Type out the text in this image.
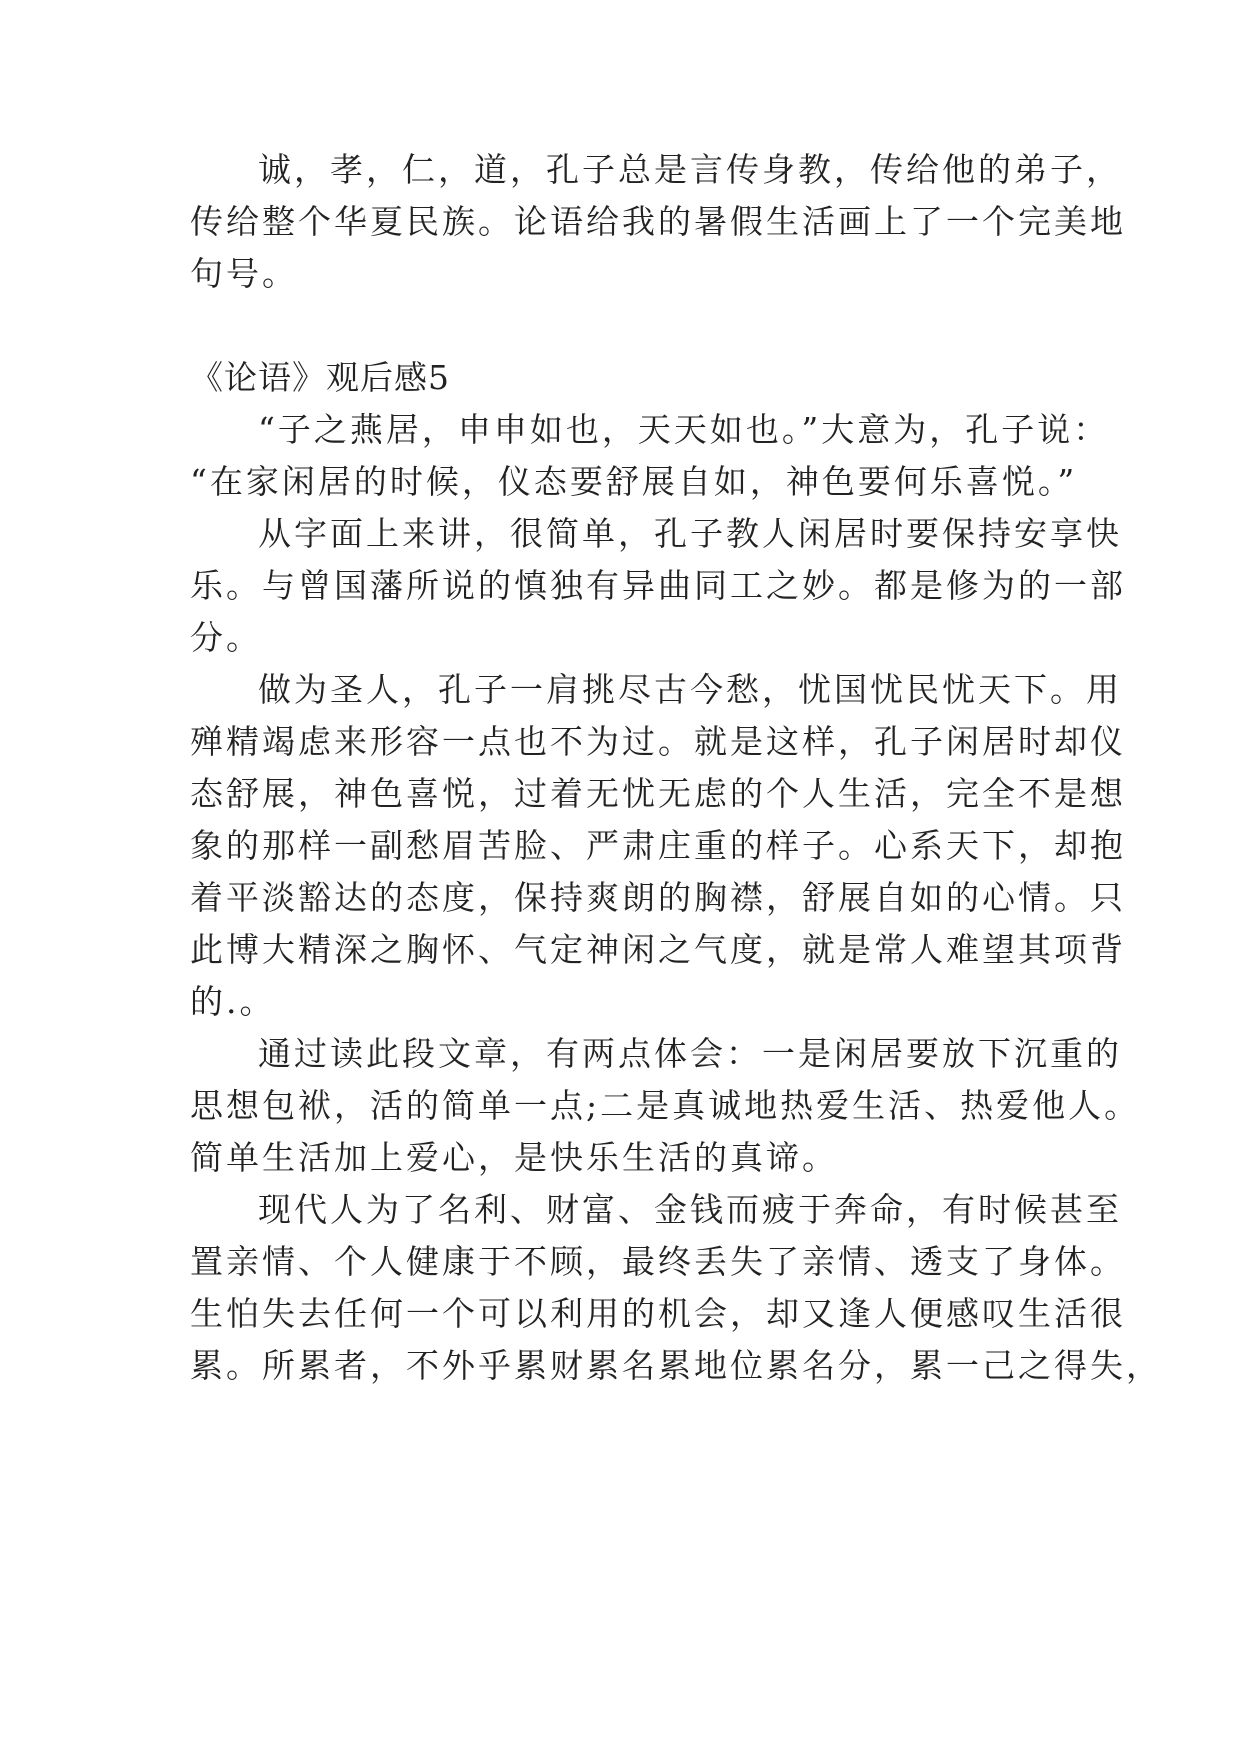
诚，孝，仁，道，孔子总是言传身教，传给他的弟子，
传给整个华夏民族。论语给我的暑假生活画上了一个完美地
句号。
《论语》观后感5
“子之燕居，申申如也，天天如也。”大意为，孔子说：
“在家闲居的时候，仪态要舒展自如，神色要何乐喜悦。”
从字面上来讲，很简单，孔子教人闲居时要保持安享快
乐。与曾国藩所说的慎独有异曲同工之妙。都是修为的一部
分。
做为圣人，孔子一肩挑尽古今愁，忧国忧民忧天下。用
殚精竭虑来形容一点也不为过。就是这样，孔子闲居时却仪
态舒展，神色喜悦，过着无忧无虑的个人生活，完全不是想
象的那样一副愁眉苦脸、严肃庄重的样子。心系天下，却抱
着平淡豁达的态度，保持爽朗的胸襟，舒展自如的心情。只
此博大精深之胸怀、气定神闲之气度，就是常人难望其项背
的.。
通过读此段文章，有两点体会：一是闲居要放下沉重的
思想包袱，活的简单一点;二是真诚地热爱生活、热爱他人。
简单生活加上爱心，是快乐生活的真谛。
现代人为了名利、财富、金钱而疲于奔命，有时候甚至
置亲情、个人健康于不顾，最终丢失了亲情、透支了身体。
生怕失去任何一个可以利用的机会，却又逢人便感叹生活很
累。所累者，不外乎累财累名累地位累名分，累一己之得失，
